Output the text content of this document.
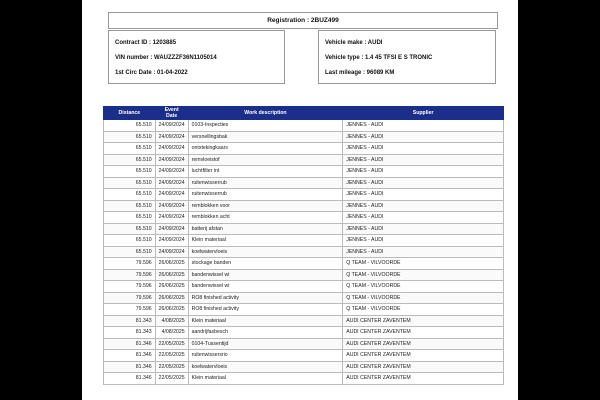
Registration : 2BUZ499
Contract ID : 1203885
VIN number : WAUZZZF36N1105014
1st Circ Date : 01-04-2022
Vehicle make : AUDI
Vehicle type : 1.4 45 TFSI E S TRONIC
Last mileage : 96089 KM
Distance	Event Date	Work description	Supplier
65.510	24/09/2024	0103-Inspecties	JENNES - AUDI
65.510	24/09/2024	versnellingsbak	JENNES - AUDI
65.510	24/09/2024	ontstekingkaars	JENNES - AUDI
65.510	24/09/2024	remvloeistof	JENNES - AUDI
65.510	24/09/2024	luchtfilter int	JENNES - AUDI
65.510	24/09/2024	ruitenwisserrub	JENNES - AUDI
65.510	24/09/2024	ruitenwisserrub	JENNES - AUDI
65.510	24/09/2024	remblokken voor	JENNES - AUDI
65.510	24/09/2024	remblokken acht	JENNES - AUDI
65.510	24/09/2024	batterij afstan	JENNES - AUDI
65.510	24/09/2024	Klein materiaal	JENNES - AUDI
65.510	24/09/2024	koelwatervloeis	JENNES - AUDI
79.596	26/06/2025	stockage banden	Q TEAM - VILVOORDE
79.596	26/06/2025	bandenwissel wi	Q TEAM - VILVOORDE
79.596	26/06/2025	bandenwissel wi	Q TEAM - VILVOORDE
79.596	26/06/2025	RO8 finished activity	Q TEAM - VILVOORDE
79.596	26/06/2025	RO8 finished activity	Q TEAM - VILVOORDE
81.343	4/08/2025	Klein materiaal	AUDI CENTER ZAVENTEM
81.343	4/08/2025	aandrijfasbesch	AUDI CENTER ZAVENTEM
81.346	22/05/2025	0104-Tussentijd	AUDI CENTER ZAVENTEM
81.346	22/05/2025	ruitenwissersrio	AUDI CENTER ZAVENTEM
81.346	22/05/2025	koelwatervloeis	AUDI CENTER ZAVENTEM
81.346	22/05/2025	Klein materiaal	AUDI CENTER ZAVENTEM
